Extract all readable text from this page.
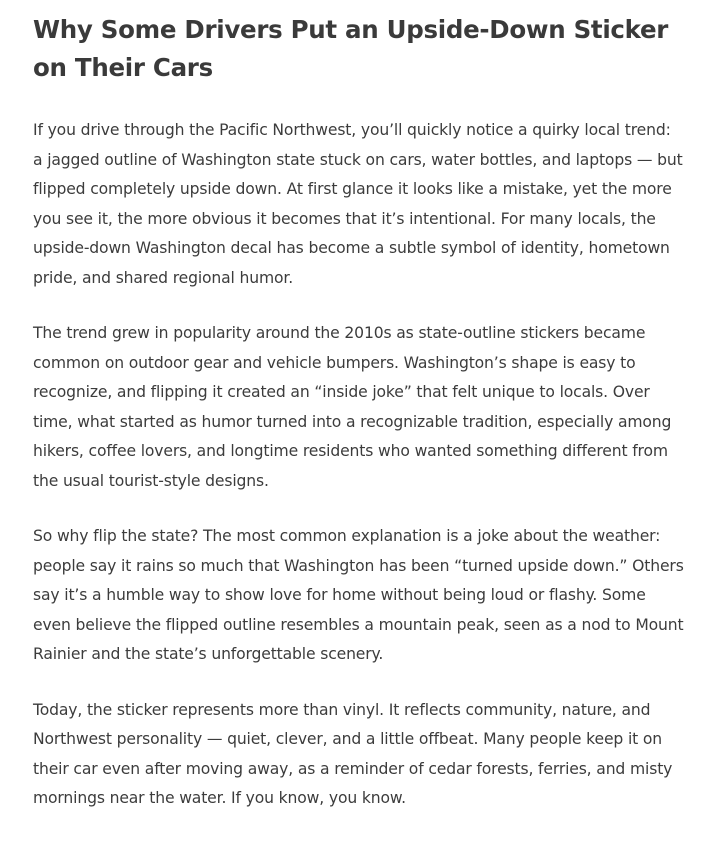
Why Some Drivers Put an Upside-Down Sticker on Their Cars

If you drive through the Pacific Northwest, you’ll quickly notice a quirky local trend: a jagged outline of Washington state stuck on cars, water bottles, and laptops — but flipped completely upside down. At first glance it looks like a mistake, yet the more you see it, the more obvious it becomes that it’s intentional. For many locals, the upside-down Washington decal has become a subtle symbol of identity, hometown pride, and shared regional humor.

The trend grew in popularity around the 2010s as state-outline stickers became common on outdoor gear and vehicle bumpers. Washington’s shape is easy to recognize, and flipping it created an “inside joke” that felt unique to locals. Over time, what started as humor turned into a recognizable tradition, especially among hikers, coffee lovers, and longtime residents who wanted something different from the usual tourist-style designs.

So why flip the state? The most common explanation is a joke about the weather: people say it rains so much that Washington has been “turned upside down.” Others say it’s a humble way to show love for home without being loud or flashy. Some even believe the flipped outline resembles a mountain peak, seen as a nod to Mount Rainier and the state’s unforgettable scenery.

Today, the sticker represents more than vinyl. It reflects community, nature, and Northwest personality — quiet, clever, and a little offbeat. Many people keep it on their car even after moving away, as a reminder of cedar forests, ferries, and misty mornings near the water. If you know, you know.
